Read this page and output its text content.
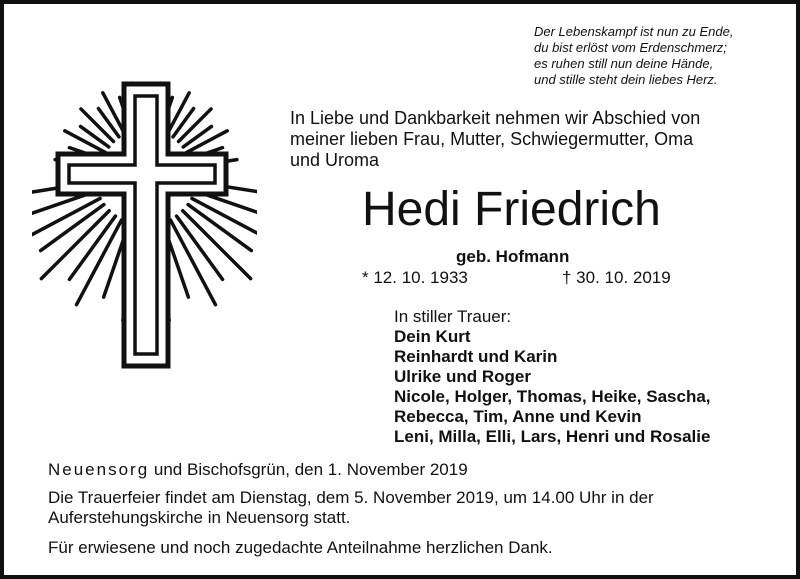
Der Lebenskampf ist nun zu Ende,
du bist erlöst vom Erdenschmerz;
es ruhen still nun deine Hände,
und stille steht dein liebes Herz.
In Liebe und Dankbarkeit nehmen wir Abschied von
meiner lieben Frau, Mutter, Schwiegermutter, Oma
und Uroma
Hedi Friedrich
geb. Hofmann
* 12. 10. 1933	† 30. 10. 2019
In stiller Trauer:
Dein Kurt
Reinhardt und Karin
Ulrike und Roger
Nicole, Holger, Thomas, Heike, Sascha,
Rebecca, Tim, Anne und Kevin
Leni, Milla, Elli, Lars, Henri und Rosalie
Neuensorg und Bischofsgrün, den 1. November 2019
Die Trauerfeier findet am Dienstag, dem 5. November 2019, um 14.00 Uhr in der
Auferstehungskirche in Neuensorg statt.
Für erwiesene und noch zugedachte Anteilnahme herzlichen Dank.
